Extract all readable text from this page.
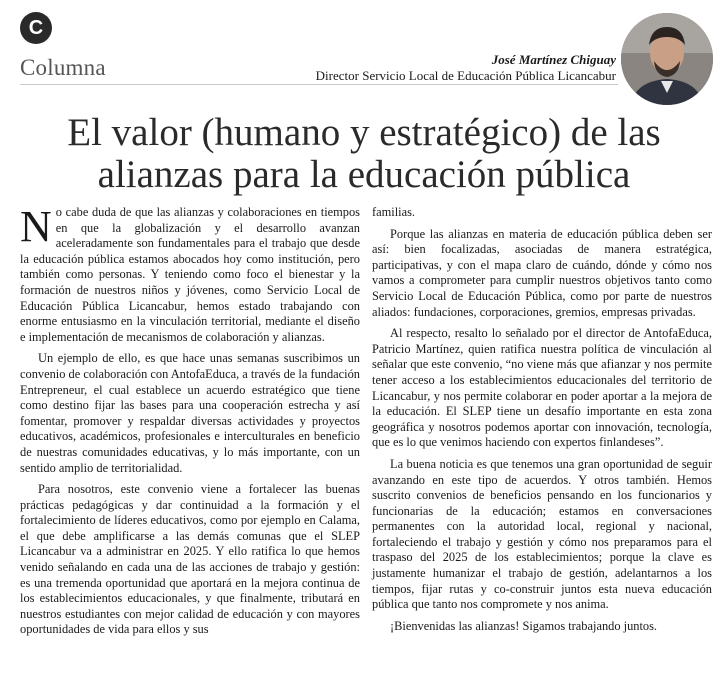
C
Columna	José Martínez Chiguay
Director Servicio Local de Educación Pública Licancabur
El valor (humano y estratégico) de las alianzas para la educación pública

No cabe duda de que las alianzas y colaboraciones en tiempos en que la globalización y el desarrollo avanzan aceleradamente son fundamentales para el trabajo que desde la educación pública estamos abocados hoy como institución, pero también como personas. Y teniendo como foco el bienestar y la formación de nuestros niños y jóvenes, como Servicio Local de Educación Pública Licancabur, hemos estado trabajando con enorme entusiasmo en la vinculación territorial, mediante el diseño e implementación de mecanismos de colaboración y alianzas.

Un ejemplo de ello, es que hace unas semanas suscribimos un convenio de colaboración con AntofaEduca, a través de la fundación Entrepreneur, el cual establece un acuerdo estratégico que tiene como destino fijar las bases para una cooperación estrecha y así fomentar, promover y respaldar diversas actividades y proyectos educativos, académicos, profesionales e interculturales en beneficio de nuestras comunidades educativas, y lo más importante, con un sentido amplio de territorialidad.

Para nosotros, este convenio viene a fortalecer las buenas prácticas pedagógicas y dar continuidad a la formación y el fortalecimiento de líderes educativos, como por ejemplo en Calama, el que debe amplificarse a las demás comunas que el SLEP Licancabur va a administrar en 2025. Y ello ratifica lo que hemos venido señalando en cada una de las acciones de trabajo y gestión: es una tremenda oportunidad que aportará en la mejora continua de los establecimientos educacionales, y que finalmente, tributará en nuestros estudiantes con mejor calidad de educación y con mayores oportunidades de vida para ellos y sus

familias.

Porque las alianzas en materia de educación pública deben ser así: bien focalizadas, asociadas de manera estratégica, participativas, y con el mapa claro de cuándo, dónde y cómo nos vamos a comprometer para cumplir nuestros objetivos tanto como Servicio Local de Educación Pública, como por parte de nuestros aliados: fundaciones, corporaciones, gremios, empresas privadas.

Al respecto, resalto lo señalado por el director de AntofaEduca, Patricio Martínez, quien ratifica nuestra política de vinculación al señalar que este convenio, “no viene más que afianzar y nos permite tener acceso a los establecimientos educacionales del territorio de Licancabur, y nos permite colaborar en poder aportar a la mejora de la educación. El SLEP tiene un desafío importante en esta zona geográfica y nosotros podemos aportar con innovación, tecnología, que es lo que venimos haciendo con expertos finlandeses”.

La buena noticia es que tenemos una gran oportunidad de seguir avanzando en este tipo de acuerdos. Y otros también. Hemos suscrito convenios de beneficios pensando en los funcionarios y funcionarias de la educación; estamos en conversaciones permanentes con la autoridad local, regional y nacional, fortaleciendo el trabajo y gestión y cómo nos preparamos para el traspaso del 2025 de los establecimientos; porque la clave es justamente humanizar el trabajo de gestión, adelantarnos a los tiempos, fijar rutas y co-construir juntos esta nueva educación pública que tanto nos compromete y nos anima.

¡Bienvenidas las alianzas! Sigamos trabajando juntos.
